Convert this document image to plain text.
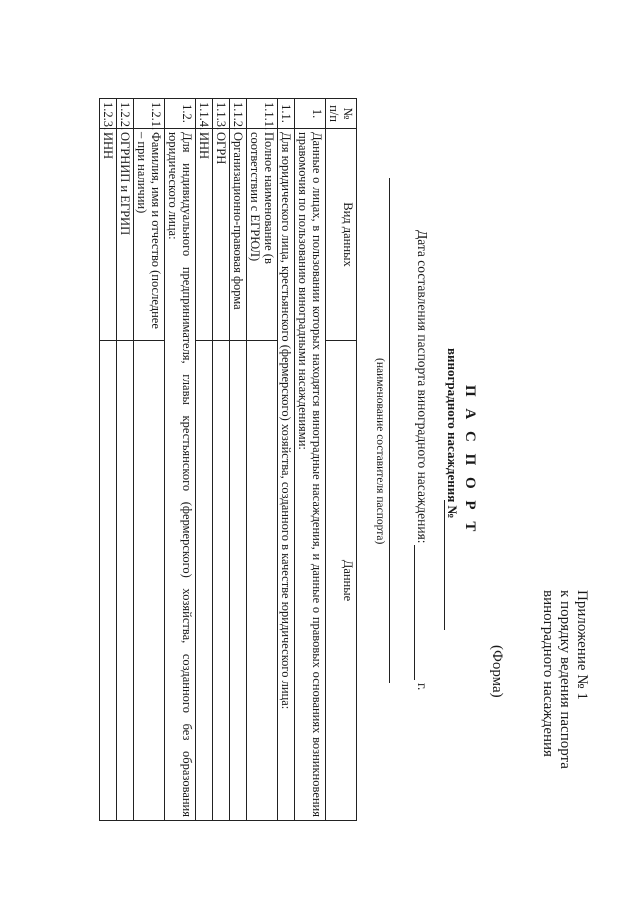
Приложение № 1
к порядку ведения паспорта
виноградного насаждения
(Форма)
П А С П О Р Т
виноградного насаждения №
Дата составления паспорта виноградного насаждения:
г.
(наименование составителя паспорта)
№ п/п	Вид данных	Данные
1.	Данные о лицах, в пользовании которых находятся виноградные насаждения, и данные о правовых основаниях возникновения правомочия по пользованию виноградными насаждениями:	
1.1.	Для юридического лица, крестьянского (фермерского) хозяйства, созданного в качестве юридического лица:	
1.1.1.	Полное наименование (в соответствии с ЕГРЮЛ)	
1.1.2.	Организационно-правовая форма	
1.1.3.	ОГРН	
1.1.4.	ИНН	
1.2.	Для индивидуального предпринимателя, главы крестьянского (фермерского) хозяйства, созданного без образования юридического лица:	
1.2.1.	Фамилия, имя и отчество (последнее – при наличии)	
1.2.2.	ОГРНИП и ЕГРИП	
1.2.3.	ИНН	
